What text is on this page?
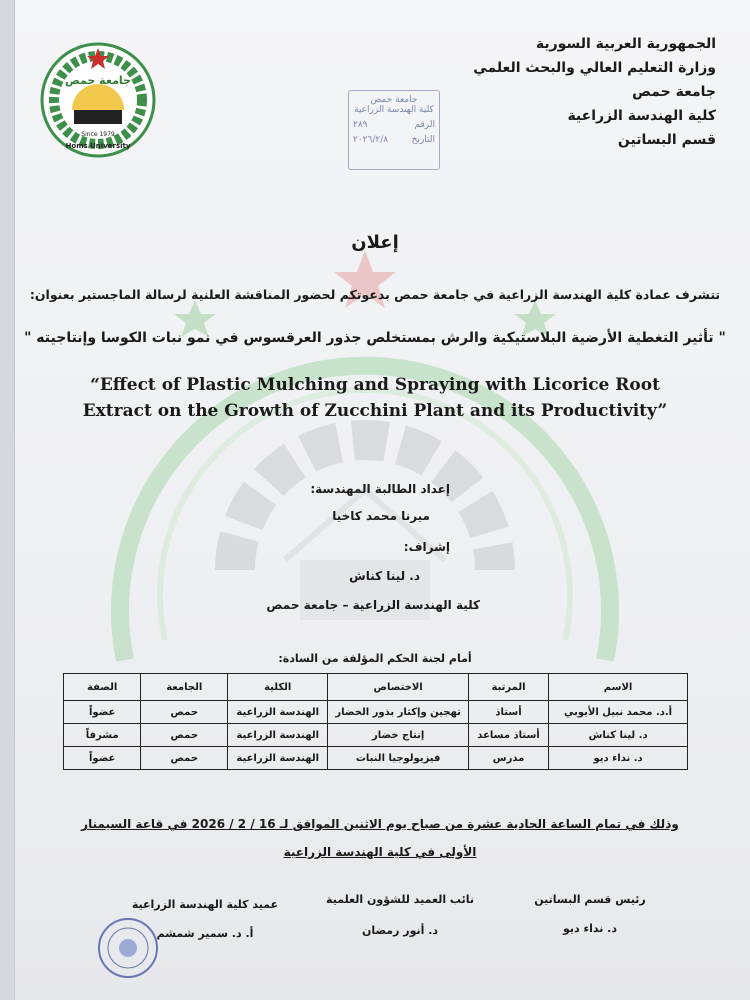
الجمهورية العربية السورية
وزارة التعليم العالي والبحث العلمي
جامعة حمص
كلية الهندسة الزراعية
قسم البساتين
جامعة حمص
Since 1979
Homs University
جامعة حمص
كلية الهندسة الزراعية
الرقم
٢٨٩
التاريخ
٢٠٢٦/٢/٨
إعلان
تتشرف عمادة كلية الهندسة الزراعية في جامعة حمص بدعوتكم لحضور المناقشة العلنية لرسالة الماجستير بعنوان:
" تأثير التغطية الأرضية البلاستيكية والرش بمستخلص جذور العرقسوس في نمو نبات الكوسا وإنتاجيته "
“Effect of Plastic Mulching and Spraying with Licorice Root Extract on the Growth of Zucchini Plant and its Productivity”
إعداد الطالبة المهندسة:
ميرنا محمد كاخيا
إشراف:
د. لينا كناش
كلية الهندسة الزراعية – جامعة حمص
أمام لجنة الحكم المؤلفة من السادة:
الاسم	المرتبة	الاختصاص	الكلية	الجامعة	الصفة
أ.د. محمد نبيل الأيوبي	أستاذ	تهجين وإكثار بذور الخضار	الهندسة الزراعية	حمص	عضواً
د. لينا كناش	أستاذ مساعد	إنتاج خضار	الهندسة الزراعية	حمص	مشرفاً
د. نداء ديو	مدرس	فيزيولوجيا النبات	الهندسة الزراعية	حمص	عضواً
وذلك في تمام الساعة الحادية عشرة من صباح يوم الاثنين الموافق لـ 16 / 2 / 2026 في قاعة السيمنار الأولى في كلية الهندسة الزراعية
رئيس قسم البساتين
د. نداء ديو
نائب العميد للشؤون العلمية
د. أنور رمضان
عميد كلية الهندسة الزراعية
أ. د. سمير شمشم
